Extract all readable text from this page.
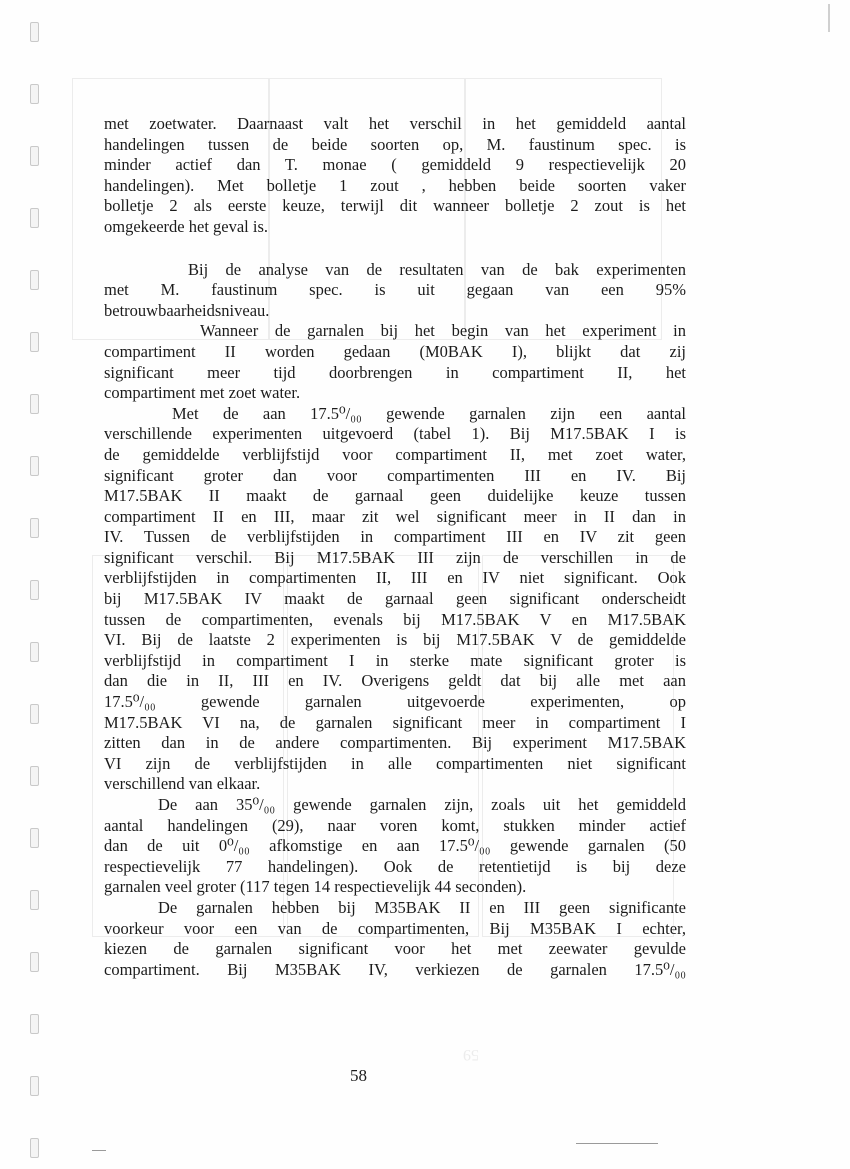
59

met zoetwater. Daarnaast valt het verschil in het gemiddeld aantal

handelingen tussen de beide soorten op, M. faustinum spec. is

minder actief dan T. monae ( gemiddeld 9 respectievelijk 20

handelingen). Met bolletje 1 zout , hebben beide soorten vaker

bolletje 2 als eerste keuze, terwijl dit wanneer bolletje 2 zout is het

omgekeerde het geval is.

Bij de analyse van de resultaten van de bak experimenten

met M. faustinum spec. is uit gegaan van een 95%

betrouwbaarheidsniveau.

Wanneer de garnalen bij het begin van het experiment in

compartiment II worden gedaan (M0BAK I), blijkt dat zij

significant meer tijd doorbrengen in compartiment II, het

compartiment met zoet water.

Met de aan 17.5⁰/₀₀ gewende garnalen zijn een aantal

verschillende experimenten uitgevoerd (tabel 1). Bij M17.5BAK I is

de gemiddelde verblijfstijd voor compartiment II, met zoet water,

significant groter dan voor compartimenten III en IV. Bij

M17.5BAK II maakt de garnaal geen duidelijke keuze tussen

compartiment II en III, maar zit wel significant meer in II dan in

IV. Tussen de verblijfstijden in compartiment III en IV zit geen

significant verschil. Bij M17.5BAK III zijn de verschillen in de

verblijfstijden in compartimenten II, III en IV niet significant. Ook

bij M17.5BAK IV maakt de garnaal geen significant onderscheidt

tussen de compartimenten, evenals bij M17.5BAK V en M17.5BAK

VI. Bij de laatste 2 experimenten is bij M17.5BAK V de gemiddelde

verblijfstijd in compartiment I in sterke mate significant groter is

dan die in II, III en IV. Overigens geldt dat bij alle met aan

17.5⁰/₀₀ gewende garnalen uitgevoerde experimenten, op

M17.5BAK VI na, de garnalen significant meer in compartiment I

zitten dan in de andere compartimenten. Bij experiment M17.5BAK

VI zijn de verblijfstijden in alle compartimenten niet significant

verschillend van elkaar.

De aan 35⁰/₀₀ gewende garnalen zijn, zoals uit het gemiddeld

aantal handelingen (29), naar voren komt, stukken minder actief

dan de uit 0⁰/₀₀ afkomstige en aan 17.5⁰/₀₀ gewende garnalen (50

respectievelijk 77 handelingen). Ook de retentietijd is bij deze

garnalen veel groter (117 tegen 14 respectievelijk 44 seconden).

De garnalen hebben bij M35BAK II en III geen significante

voorkeur voor een van de compartimenten, Bij M35BAK I echter,

kiezen de garnalen significant voor het met zeewater gevulde

compartiment. Bij M35BAK IV, verkiezen de garnalen 17.5⁰/₀₀

58
